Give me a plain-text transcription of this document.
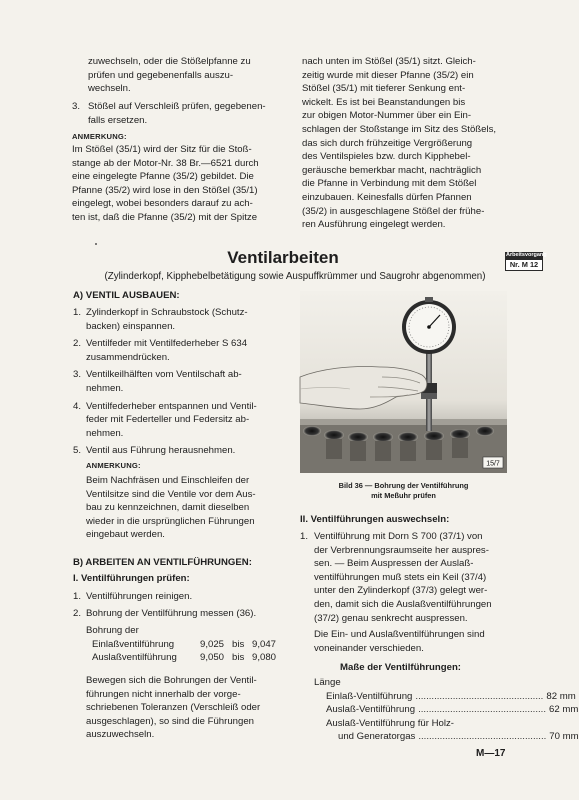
zuwechseln, oder die Stößelpfanne zu
prüfen und gegebenenfalls auszu-
wechseln.
3. Stößel auf Verschleiß prüfen, gegebenen-
falls ersetzen.
ANMERKUNG:
Im Stößel (35/1) wird der Sitz für die Stoß-
stange ab der Motor-Nr. 38 Br.—6521 durch
eine eingelegte Pfanne (35/2) gebildet. Die
Pfanne (35/2) wird lose in den Stößel (35/1)
eingelegt, wobei besonders darauf zu ach-
ten ist, daß die Pfanne (35/2) mit der Spitze
nach unten im Stößel (35/1) sitzt. Gleich-
zeitig wurde mit dieser Pfanne (35/2) ein
Stößel (35/1) mit tieferer Senkung ent-
wickelt. Es ist bei Beanstandungen bis
zur obigen Motor-Nummer über ein Ein-
schlagen der Stoßstange im Sitz des Stößels,
das sich durch frühzeitige Vergrößerung
des Ventilspieles bzw. durch Kipphebel-
geräusche bemerkbar macht, nachträglich
die Pfanne in Verbindung mit dem Stößel
einzubauen. Keinesfalls dürfen Pfannen
(35/2) in ausgeschlagene Stößel der frühe-
ren Ausführung eingelegt werden.
Arbeitsvorgang
Nr. M 12
Ventilarbeiten
(Zylinderkopf, Kipphebelbetätigung sowie Auspuffkrümmer und Saugrohr abgenommen)
A) VENTIL AUSBAUEN:
1. Zylinderkopf in Schraubstock (Schutz-
backen) einspannen.
2. Ventilfeder mit Ventilfederheber S 634
zusammendrücken.
3. Ventilkeilhälften vom Ventilschaft ab-
nehmen.
4. Ventilfederheber entspannen und Ventil-
feder mit Federteller und Federsitz ab-
nehmen.
5. Ventil aus Führung herausnehmen.
ANMERKUNG:
Beim Nachfräsen und Einschleifen der
Ventilsitze sind die Ventile vor dem Aus-
bau zu kennzeichnen, damit dieselben
wieder in die ursprünglichen Führungen
eingebaut werden.
B) ARBEITEN AN VENTILFÜHRUNGEN:
I. Ventilführungen prüfen:
1. Ventilführungen reinigen.
2. Bohrung der Ventilführung messen (36).
Bohrung der
Einlaßventilführung	9,025 bis 9,047
Auslaßventilführung	9,050 bis 9,080
Bewegen sich die Bohrungen der Ventil-
führungen nicht innerhalb der vorge-
schriebenen Toleranzen (Verschleiß oder
ausgeschlagen), so sind die Führungen
auszuwechseln.
15/7
Bild 36 — Bohrung der Ventilführung
mit Meßuhr prüfen
II. Ventilführungen auswechseln:
1. Ventilführung mit Dorn S 700 (37/1) von
der Verbrennungsraumseite her auspres-
sen. — Beim Auspressen der Auslaß-
ventilführungen muß stets ein Keil (37/4)
unter den Zylinderkopf (37/3) gelegt wer-
den, damit sich die Auslaßventilführungen
(37/2) genau senkrecht auspressen.
Die Ein- und Auslaßventilführungen sind
voneinander verschieden.
Maße der Ventilführungen:
Länge
Einlaß-Ventilführung ................................................ 82 mm
Auslaß-Ventilführung ................................................ 62 mm
Auslaß-Ventilführung für Holz-
und Generatorgas ................................................ 70 mm
M—17
